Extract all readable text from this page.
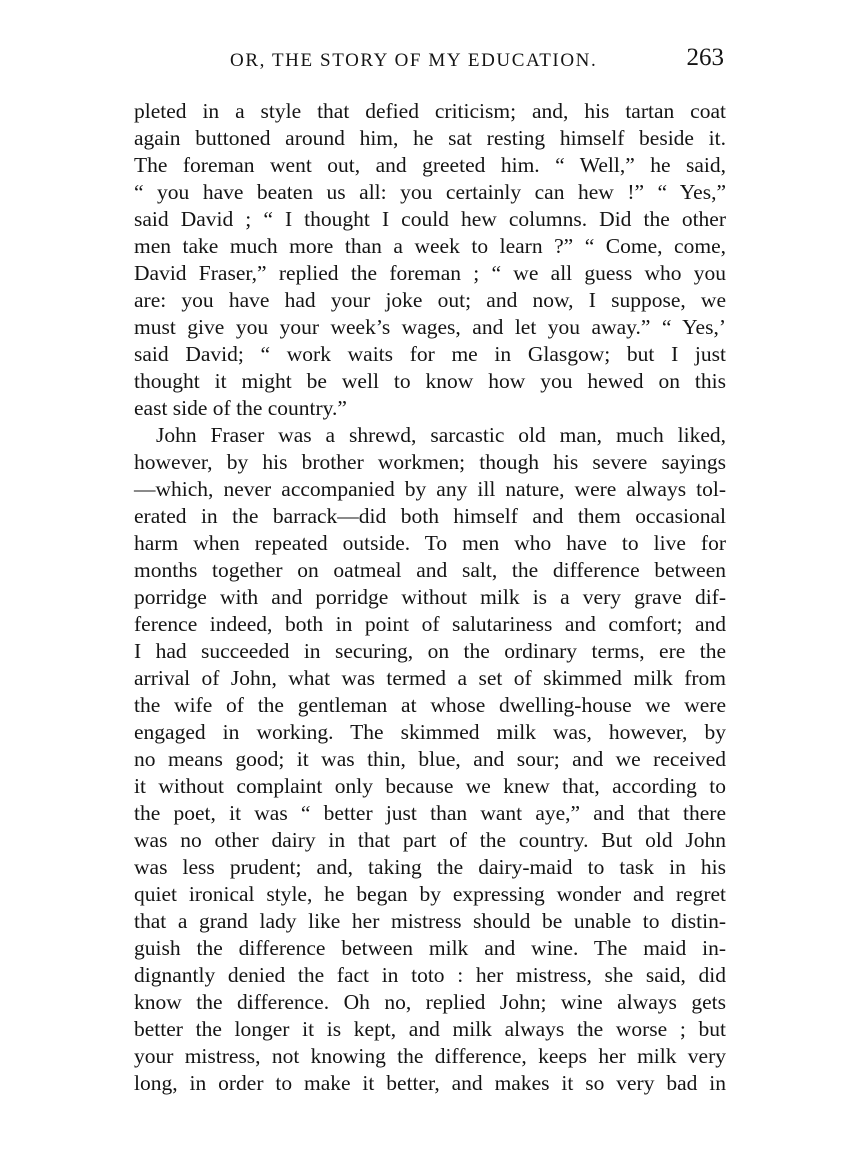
OR, THE STORY OF MY EDUCATION.	263
pleted in a style that defied criticism; and, his tartan coat
again buttoned around him, he sat resting himself beside it.
The foreman went out, and greeted him. “ Well,” he said,
“ you have beaten us all: you certainly can hew !” “ Yes,”
said David ; “ I thought I could hew columns. Did the other
men take much more than a week to learn ?” “ Come, come,
David Fraser,” replied the foreman ; “ we all guess who you
are: you have had your joke out; and now, I suppose, we
must give you your week’s wages, and let you away.” “ Yes,’
said David; “ work waits for me in Glasgow; but I just
thought it might be well to know how you hewed on this
east side of the country.”
John Fraser was a shrewd, sarcastic old man, much liked,
however, by his brother workmen; though his severe sayings
—which, never accompanied by any ill nature, were always tol-
erated in the barrack—did both himself and them occasional
harm when repeated outside. To men who have to live for
months together on oatmeal and salt, the difference between
porridge with and porridge without milk is a very grave dif-
ference indeed, both in point of salutariness and comfort; and
I had succeeded in securing, on the ordinary terms, ere the
arrival of John, what was termed a set of skimmed milk from
the wife of the gentleman at whose dwelling-house we were
engaged in working. The skimmed milk was, however, by
no means good; it was thin, blue, and sour; and we received
it without complaint only because we knew that, according to
the poet, it was “ better just than want aye,” and that there
was no other dairy in that part of the country. But old John
was less prudent; and, taking the dairy-maid to task in his
quiet ironical style, he began by expressing wonder and regret
that a grand lady like her mistress should be unable to distin-
guish the difference between milk and wine. The maid in-
dignantly denied the fact in toto : her mistress, she said, did
know the difference. Oh no, replied John; wine always gets
better the longer it is kept, and milk always the worse ; but
your mistress, not knowing the difference, keeps her milk very
long, in order to make it better, and makes it so very bad in
